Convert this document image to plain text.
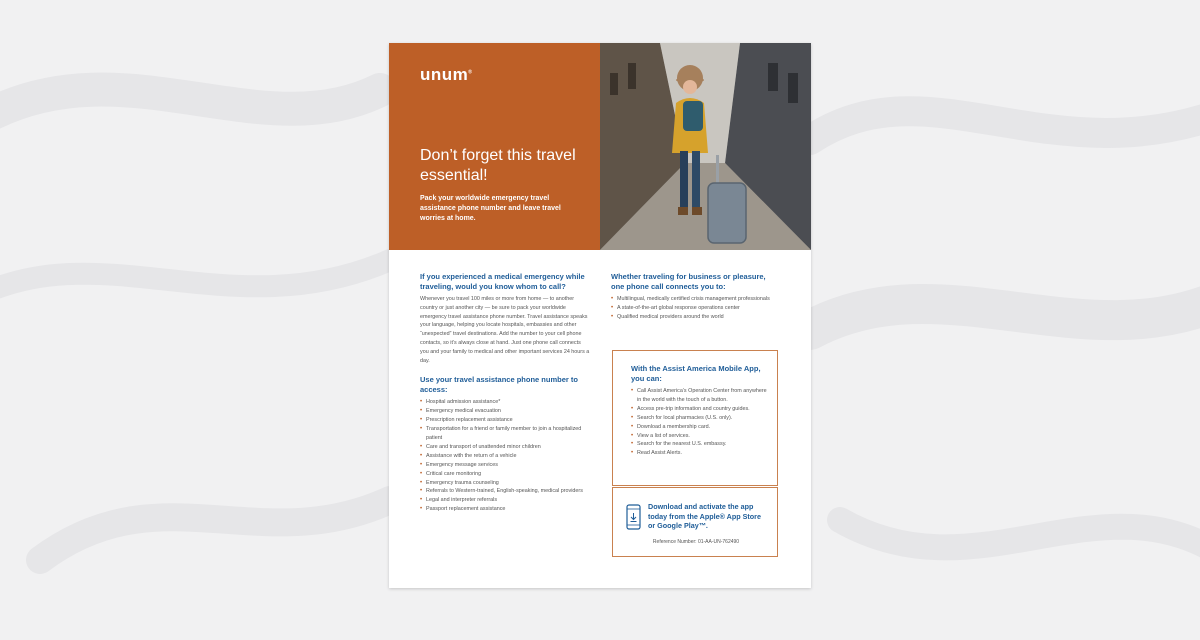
unum®
Don’t forget this travel essential!
Pack your worldwide emergency travel assistance phone number and leave travel worries at home.
If you experienced a medical emergency while traveling, would you know whom to call?

Whenever you travel 100 miles or more from home — to another country or just another city — be sure to pack your worldwide emergency travel assistance phone number. Travel assistance speaks your language, helping you locate hospitals, embassies and other “unexpected” travel destinations. Add the number to your cell phone contacts, so it’s always close at hand. Just one phone call connects you and your family to medical and other important services 24 hours a day.

Use your travel assistance phone number to access:
• Hospital admission assistance*
• Emergency medical evacuation
• Prescription replacement assistance
• Transportation for a friend or family member to join a hospitalized patient
• Care and transport of unattended minor children
• Assistance with the return of a vehicle
• Emergency message services
• Critical care monitoring
• Emergency trauma counseling
• Referrals to Western-trained, English-speaking, medical providers
• Legal and interpreter referrals
• Passport replacement assistance
Whether traveling for business or pleasure, one phone call connects you to:
• Multilingual, medically certified crisis management professionals
• A state-of-the-art global response operations center
• Qualified medical providers around the world
With the Assist America Mobile App, you can:
• Call Assist America’s Operation Center from anywhere in the world with the touch of a button.
• Access pre-trip information and country guides.
• Search for local pharmacies (U.S. only).
• Download a membership card.
• View a list of services.
• Search for the nearest U.S. embassy.
• Read Assist Alerts.
Download and activate the app today from the Apple® App Store or Google Play™.
Reference Number: 01-AA-UN-762490
